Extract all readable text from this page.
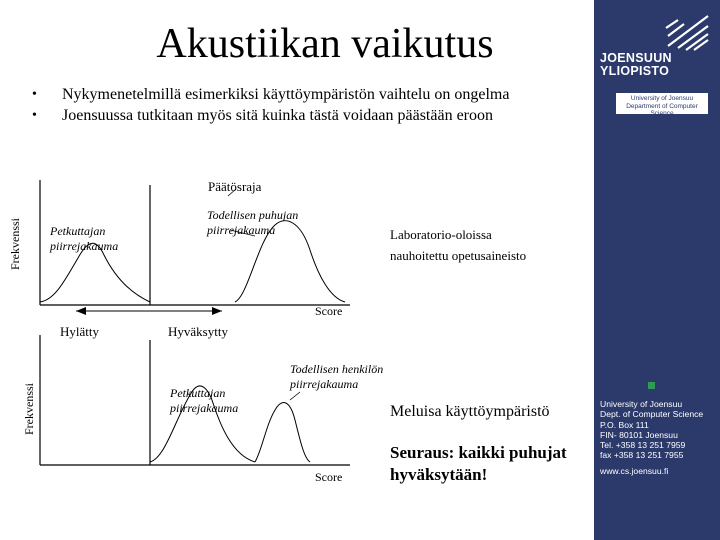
Akustiikan vaikutus
•	Nykymenetelmillä esimerkiksi käyttöympäristön vaihtelu on ongelma
•	Joensuussa tutkitaan myös sitä kuinka tästä voidaan päästään eroon
Frekvenssi
Päätösraja
Petkuttajan
piirrejakauma
Todellisen puhujan
piirrejakauma	Laboratorio-oloissa
nauhoitettu opetusaineisto
Score
Hylätty	Hyväksytty
Frekvenssi	Petkuttajan
piirrejakauma
Todellisen henkilön
piirrejakauma
Meluisa käyttöympäristö
Score
Seuraus: kaikki puhujat
hyväksytään!
JOENSUUN
YLIOPISTO
University of Joensuu
Department of Computer Science
University of Joensuu
Dept. of Computer Science
P.O. Box 111
FIN- 80101 Joensuu
Tel. +358 13 251 7959
fax +358 13 251 7955
www.cs.joensuu.fi
